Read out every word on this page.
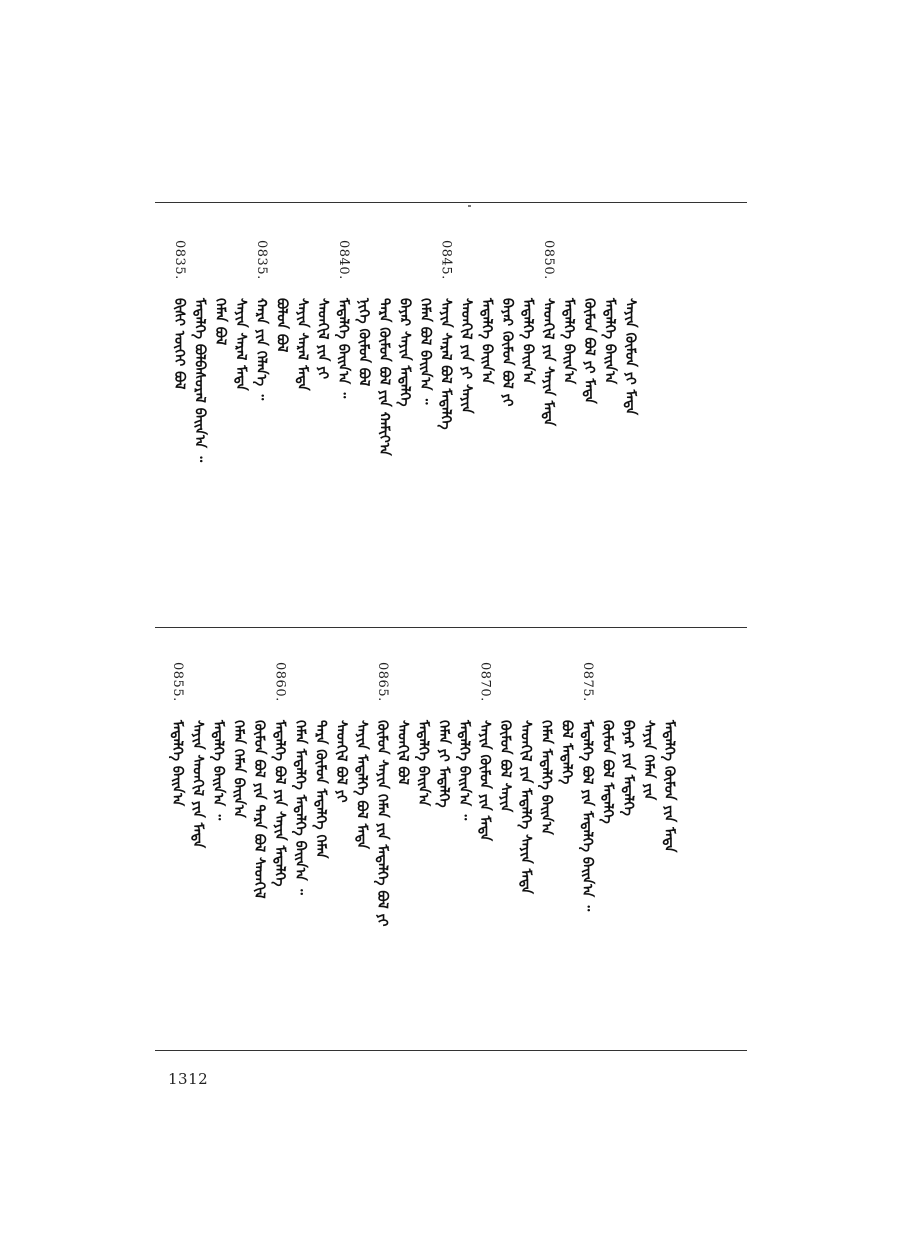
0835.
ᠪᠢᠰᠢ ᠦᠭᠡᠢ ᠪᠣᠯ ᠮᠡᠳᠡᠯᠭᠡ ᠪᠣᠯᠪᠠᠰᠤᠷᠠᠯ ᠪᠠᠢᠨ᠎ᠠ ᠃ ᠬᠡᠮᠡᠨ ᠪᠣᠯ ᠰᠠᠶᠢᠨ ᠰᠠᠷᠠᠯ ᠮᠡᠳᠡ
0835.
ᠬᠠᠷᠠ ᠶᠢᠨ ᠬᠡᠯᠡᠨ᠎ᠡ ᠃ ᠪᠣᠯᠤᠨ ᠪᠣᠯ ᠰᠠᠶᠢᠨ ᠰᠠᠷᠠᠯ ᠮᠡᠳᠡ ᠰᠡᠳᠬᠢᠯ ᠶᠢᠨ ᠶᠢ
0840.
ᠮᠡᠳᠡᠯᠭᠡ ᠪᠠᠢᠨ᠎ᠠ ᠃ ᠨᠢᠭᠡ ᠬᠦᠮᠦᠨ ᠪᠣᠯ ᠲᠡᠷᠡ ᠬᠦᠮᠦᠨ ᠪᠣᠯ ᠶᠢᠨ ᠬᠠᠮᠢᠶ᠎ᠠ ᠪᠠᠶᠠᠷ ᠰᠠᠶᠢᠨ ᠮᠡᠳᠡᠯᠭᠡ ᠬᠡᠮᠡᠨ ᠪᠣᠯ ᠪᠠᠢᠨ᠎ᠠ ᠃
0845.
ᠰᠠᠶᠢᠨ ᠰᠠᠷᠠᠯ ᠪᠣᠯ ᠮᠡᠳᠡᠯᠭᠡ ᠰᠡᠳᠬᠢᠯ ᠶᠢᠨ ᠶᠢ ᠰᠠᠶᠢᠨ ᠮᠡᠳᠡᠯᠭᠡ ᠪᠠᠢᠨ᠎ᠠ ᠪᠠᠶᠠᠷ ᠬᠦᠮᠦᠨ ᠪᠣᠯ ᠶᠢ ᠮᠡᠳᠡᠯᠭᠡ ᠪᠠᠢᠨ᠎ᠠ
0850.
ᠰᠡᠳᠬᠢᠯ ᠶᠢᠨ ᠰᠠᠶᠢᠨ ᠮᠡᠳᠡ ᠮᠡᠳᠡᠯᠭᠡ ᠪᠠᠢᠨ᠎ᠠ ᠬᠦᠮᠦᠨ ᠪᠣᠯ ᠶᠢ ᠮᠡᠳᠡ ᠮᠡᠳᠡᠯᠭᠡ ᠪᠠᠢᠨ᠎ᠠ ᠰᠠᠶᠢᠨ ᠬᠦᠮᠦᠨ ᠶᠢ ᠮᠡᠳᠡ
0855.
ᠮᠡᠳᠡᠯᠭᠡ ᠪᠠᠢᠨ᠎ᠠ ᠰᠠᠶᠢᠨ ᠰᠡᠳᠬᠢᠯ ᠶᠢᠨ ᠮᠡᠳᠡ ᠮᠡᠳᠡᠯᠭᠡ ᠪᠠᠢᠨ᠎ᠠ ᠃ ᠬᠡᠮᠡᠨ ᠬᠡᠮᠡᠨ ᠪᠠᠢᠨ᠎ᠠ ᠬᠦᠮᠦᠨ ᠪᠣᠯ ᠶᠢᠨ ᠲᠡᠷᠡ ᠪᠣᠯ ᠰᠡᠳᠬᠢᠯ
0860.
ᠮᠡᠳᠡᠯᠭᠡ ᠪᠣᠯ ᠶᠢᠨ ᠰᠠᠶᠢᠨ ᠮᠡᠳᠡᠯᠭᠡ ᠬᠡᠮᠡᠨ ᠮᠡᠳᠡᠯᠭᠡ ᠮᠡᠳᠡᠯᠭᠡ ᠪᠠᠢᠨ᠎ᠠ ᠃ ᠲᠡᠷᠡ ᠬᠦᠮᠦᠨ ᠮᠡᠳᠡᠯᠭᠡ ᠬᠡᠮᠡᠨ ᠰᠡᠳᠬᠢᠯ ᠪᠣᠯ ᠶᠢ ᠰᠠᠶᠢᠨ ᠮᠡᠳᠡᠯᠭᠡ ᠪᠣᠯ ᠮᠡᠳᠡ
0865.
ᠬᠦᠮᠦᠨ ᠰᠠᠶᠢᠨ ᠬᠡᠮᠡᠨ ᠶᠢᠨ ᠮᠡᠳᠡᠯᠭᠡ ᠪᠣᠯ ᠶᠢ ᠰᠡᠳᠬᠢᠯ ᠪᠣᠯ ᠮᠡᠳᠡᠯᠭᠡ ᠪᠠᠢᠨ᠎ᠠ ᠬᠡᠮᠡᠨ ᠶᠢ ᠮᠡᠳᠡᠯᠭᠡ ᠮᠡᠳᠡᠯᠭᠡ ᠪᠠᠢᠨ᠎ᠠ ᠃
0870.
ᠰᠠᠶᠢᠨ ᠬᠦᠮᠦᠨ ᠶᠢᠨ ᠮᠡᠳᠡ ᠬᠦᠮᠦᠨ ᠪᠣᠯ ᠰᠠᠶᠢᠨ ᠰᠡᠳᠬᠢᠯ ᠶᠢᠨ ᠮᠡᠳᠡᠯᠭᠡ ᠰᠠᠶᠢᠨ ᠮᠡᠳᠡ ᠬᠡᠮᠡᠨ ᠮᠡᠳᠡᠯᠭᠡ ᠪᠠᠢᠨ᠎ᠠ ᠪᠣᠯ ᠮᠡᠳᠡᠯᠭᠡ
0875.
ᠮᠡᠳᠡᠯᠭᠡ ᠪᠣᠯ ᠶᠢᠨ ᠮᠡᠳᠡᠯᠭᠡ ᠪᠠᠢᠨ᠎ᠠ ᠃ ᠬᠦᠮᠦᠨ ᠪᠣᠯ ᠮᠡᠳᠡᠯᠭᠡ ᠪᠠᠶᠠᠷ ᠶᠢᠨ ᠮᠡᠳᠡᠯᠭᠡ ᠰᠠᠶᠢᠨ ᠬᠡᠮᠡᠨ ᠶᠢᠨ ᠮᠡᠳᠡᠯᠭᠡ ᠬᠦᠮᠦᠨ ᠶᠢᠨ ᠮᠡᠳᠡ
1312
